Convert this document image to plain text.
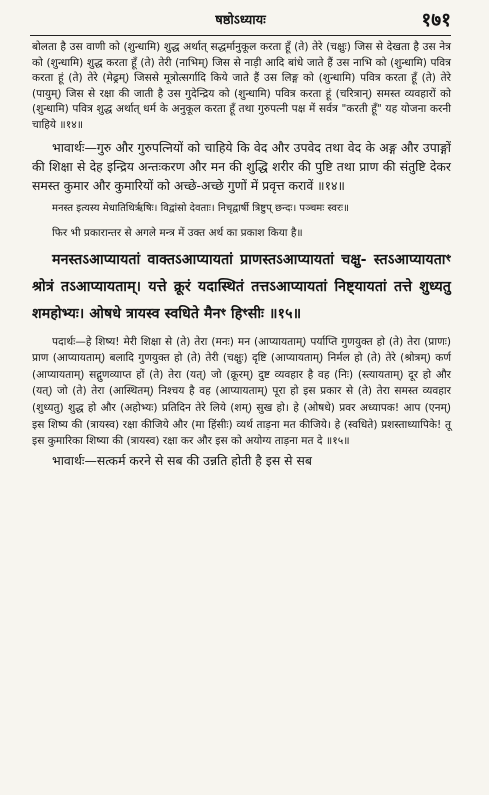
षष्ठोऽध्यायः	१७१

बोलता है उस वाणी को (शुन्धामि) शुद्ध अर्थात् सद्धर्मानुकूल करता हूँ (ते) तेरे (चक्षुः) जिस से देखता है उस नेत्र को (शुन्धामि) शुद्ध करता हूँ (ते) तेरी (नाभिम्) जिस से नाड़ी आदि बांधे जाते हैं उस नाभि को (शुन्धामि) पवित्र करता हूं (ते) तेरे (मेढ्रम्) जिससे मूत्रोत्सर्गादि किये जाते हैं उस लिङ्ग को (शुन्धामि) पवित्र करता हूँ (ते) तेरे (पायुम्) जिस से रक्षा की जाती है उस गुदेन्द्रिय को (शुन्धामि) पवित्र करता हूं (चरित्रान्) समस्त व्यवहारों को (शुन्धामि) पवित्र शुद्ध अर्थात् धर्म के अनुकूल करता हूँ तथा गुरुपत्नी पक्ष में सर्वत्र "करती हूँ" यह योजना करनी चाहिये ॥१४॥

भावार्थः—गुरु और गुरुपत्नियों को चाहिये कि वेद और उपवेद तथा वेद के अङ्ग और उपाङ्गों की शिक्षा से देह इन्द्रिय अन्तःकरण और मन की शुद्धि शरीर की पुष्टि तथा प्राण की संतुष्टि देकर समस्त कुमार और कुमारियों को अच्छे-अच्छे गुणों में प्रवृत्त करावें ॥१४॥

मनस्त इत्यस्य मेधातिथिर्ऋषिः। विद्वांसो देवताः। निचृद्वार्षी त्रिष्टुप् छन्दः। पञ्चमः स्वरः॥

फिर भी प्रकारान्तर से अगले मन्त्र में उक्त अर्थ का प्रकाश किया है॥

मनस्तऽआप्यायतां वाक्तऽआप्यायतां प्राणस्तऽआप्यायतां चक्षु- स्तऽआप्यायताꣳ श्रोत्रं तऽआप्यायताम्। यत्ते क्रूरं यदास्थितं तत्तऽआप्यायतां निष्ट्यायतां तत्ते शुध्यतु शमहोभ्यः। ओषधे त्रायस्व स्वधिते मैनꣳ हिꣳसीः ॥१५॥

पदार्थः—हे शिष्य! मेरी शिक्षा से (ते) तेरा (मनः) मन (आप्यायताम्) पर्याप्ति गुणयुक्त हो (ते) तेरा (प्राणः) प्राण (आप्यायताम्) बलादि गुणयुक्त हो (ते) तेरी (चक्षुः) दृष्टि (आप्यायताम्) निर्मल हो (ते) तेरे (श्रोत्रम्) कर्ण (आप्यायताम्) सद्गुणव्याप्त हों (ते) तेरा (यत्) जो (क्रूरम्) दुष्ट व्यवहार है वह (निः) (स्त्यायताम्) दूर हो और (यत्) जो (ते) तेरा (आस्थितम्) निश्चय है वह (आप्यायताम्) पूरा हो इस प्रकार से (ते) तेरा समस्त व्यवहार (शुध्यतु) शुद्ध हो और (अहोभ्यः) प्रतिदिन तेरे लिये (शम्) सुख हो। हे (ओषधे) प्रवर अध्यापक! आप (एनम्) इस शिष्य की (त्रायस्व) रक्षा कीजिये और (मा हिंसीः) व्यर्थ ताड़ना मत कीजिये। हे (स्वधिते) प्रशस्ताध्यापिके! तू इस कुमारिका शिष्या की (त्रायस्व) रक्षा कर और इस को अयोग्य ताड़ना मत दे ॥१५॥

भावार्थः—सत्कर्म करने से सब की उन्नति होती है इस से सब
